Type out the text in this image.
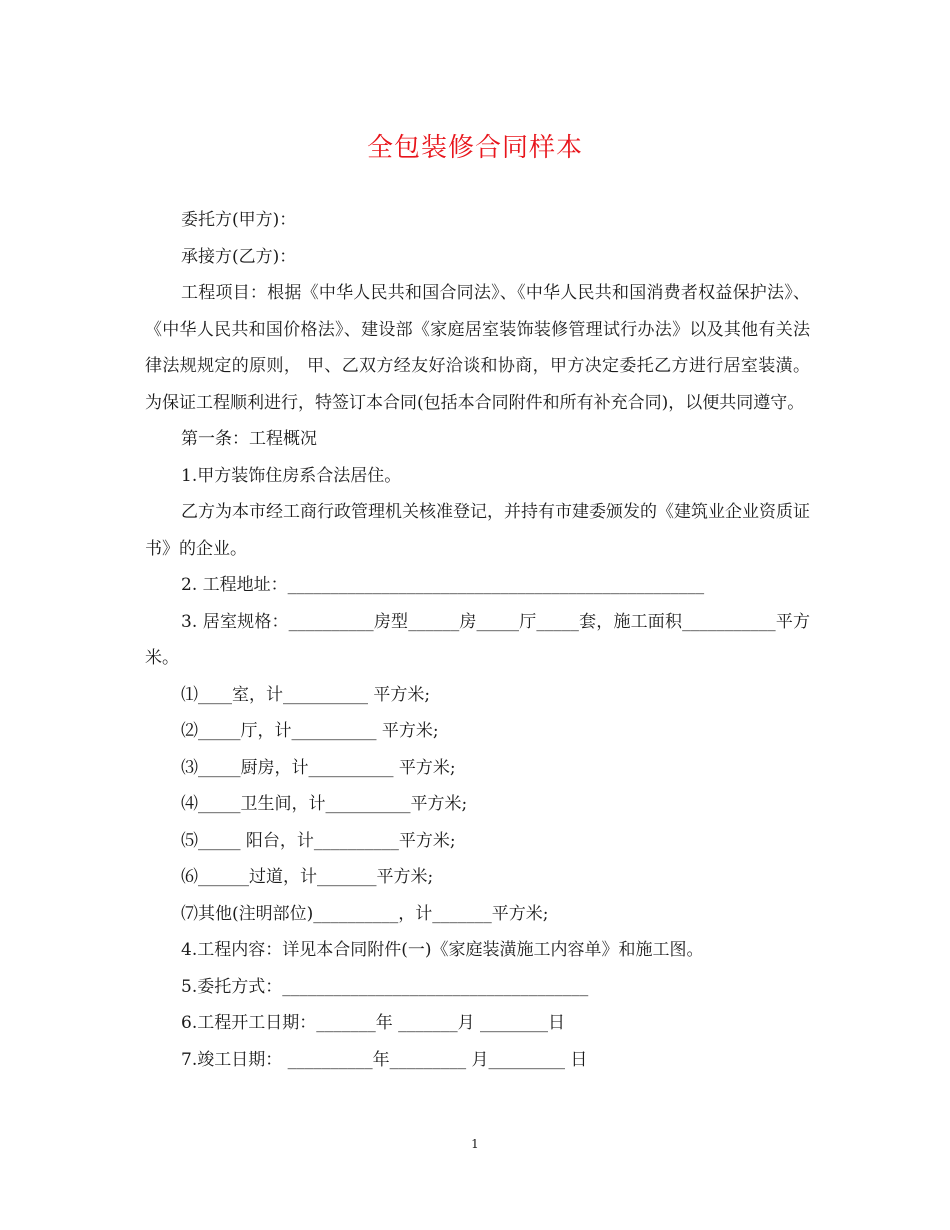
全包装修合同样本

委托方(甲方)：

承接方(乙方)：

工程项目：根据《中华人民共和国合同法》、《中华人民共和国消费者权益保护法》、《中华人民共和国价格法》、建设部《家庭居室装饰装修管理试行办法》以及其他有关法律法规规定的原则， 甲、乙双方经友好洽谈和协商，甲方决定委托乙方进行居室装潢。为保证工程顺利进行，特签订本合同(包括本合同附件和所有补充合同)，以便共同遵守。

第一条：工程概况

1.甲方装饰住房系合法居住。

乙方为本市经工商行政管理机关核准登记，并持有市建委颁发的《建筑业企业资质证书》的企业。

2. 工程地址：_________________________________________________

3. 居室规格：__________房型______房_____厅_____套，施工面积___________平方米。

⑴____室，计__________ 平方米;

⑵_____厅，计__________ 平方米;

⑶_____厨房，计__________ 平方米;

⑷_____卫生间，计__________平方米;

⑸_____ 阳台，计__________平方米;

⑹______过道，计_______平方米;

⑺其他(注明部位)__________，计_______平方米;

4.工程内容：详见本合同附件(一)《家庭装潢施工内容单》和施工图。

5.委托方式：____________________________________

6.工程开工日期：_______年 _______月 ________日

7.竣工日期： __________年_________ 月_________ 日

1
